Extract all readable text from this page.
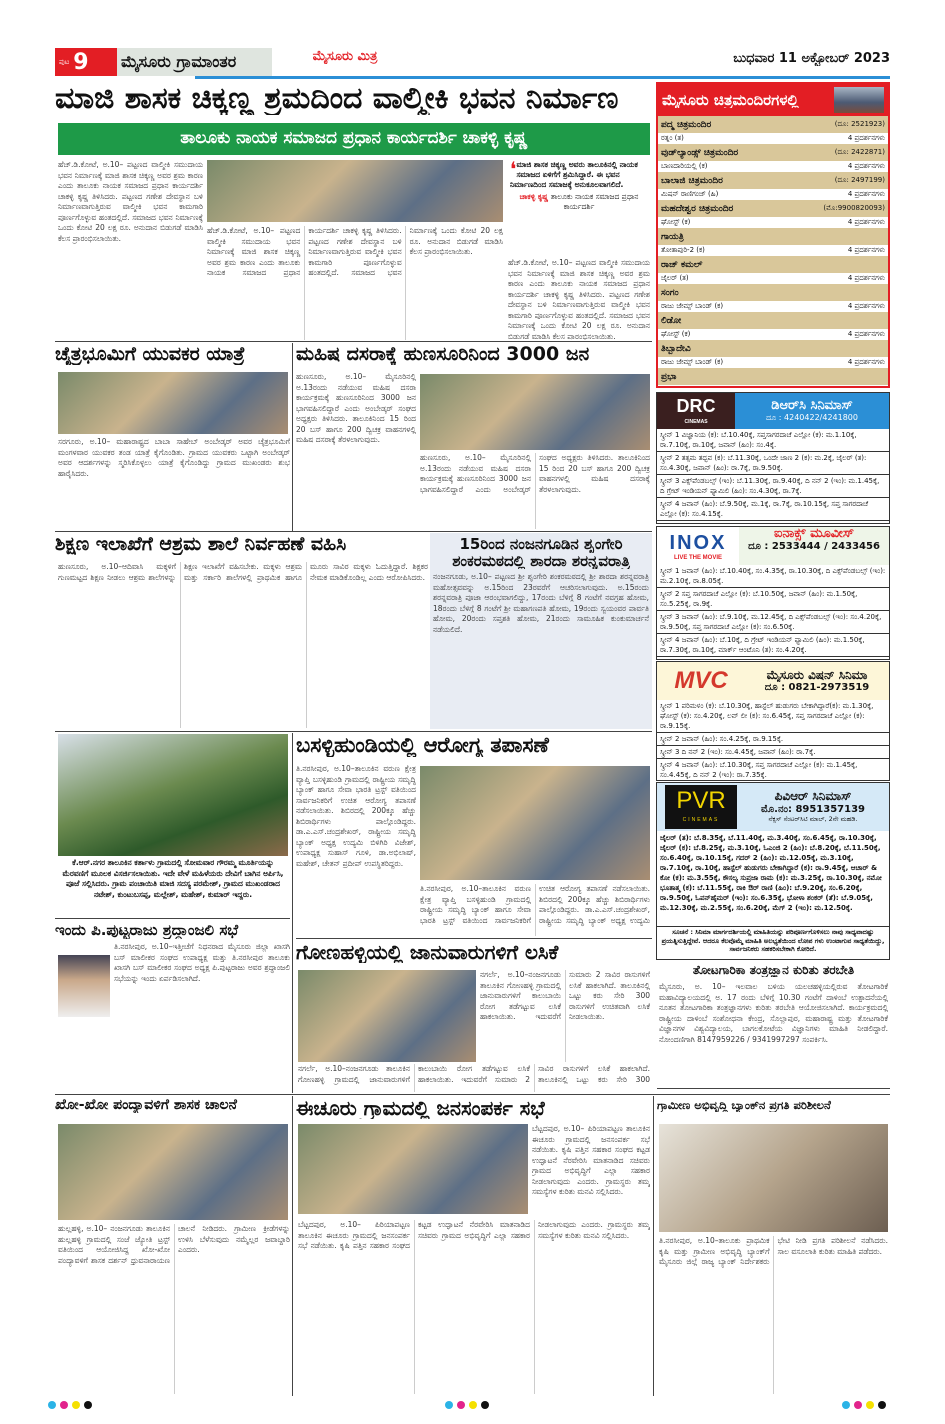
ಪುಟ 9 ಮೈಸೂರು ಗ್ರಾಮಾಂತರ	ಮೈಸೂರು ಮಿತ್ರ	ಬುಧವಾರ 11 ಅಕ್ಟೋಬರ್ 2023
ಮಾಜಿ ಶಾಸಕ ಚಿಕ್ಕಣ್ಣ ಶ್ರಮದಿಂದ ವಾಲ್ಮೀಕಿ ಭವನ ನಿರ್ಮಾಣ
ತಾಲೂಕು ನಾಯಕ ಸಮಾಜದ ಪ್ರಧಾನ ಕಾರ್ಯದರ್ಶಿ ಚಾಕಳ್ಳಿ ಕೃಷ್ಣ
ಹೆಚ್.ಡಿ.ಕೋಟೆ, ಅ.10– ಪಟ್ಟಣದ ವಾಲ್ಮೀಕಿ ಸಮುದಾಯ ಭವನ ನಿರ್ಮಾಣಕ್ಕೆ ಮಾಜಿ ಶಾಸಕ ಚಿಕ್ಕಣ್ಣ ಅವರ ಶ್ರಮ ಕಾರಣ ಎಂದು ತಾಲೂಕು ನಾಯಕ ಸಮಾಜದ ಪ್ರಧಾನ ಕಾರ್ಯದರ್ಶಿ ಚಾಕಳ್ಳಿ ಕೃಷ್ಣ ತಿಳಿಸಿದರು. ಪಟ್ಟಣದ ಗಣೇಶ ದೇವಸ್ಥಾನ ಬಳಿ ನಿರ್ಮಾಣವಾಗುತ್ತಿರುವ ವಾಲ್ಮೀಕಿ ಭವನ ಕಾಮಗಾರಿ ಪೂರ್ಣಗೊಳ್ಳುವ ಹಂತದಲ್ಲಿದೆ. ಸಮಾಜದ ಭವನ ನಿರ್ಮಾಣಕ್ಕೆ ಒಂದು ಕೋಟಿ 20 ಲಕ್ಷ ರೂ. ಅನುದಾನ ಬಿಡುಗಡೆ ಮಾಡಿಸಿ ಕೆಲಸ ಪ್ರಾರಂಭಿಸಲಾಯಿತು.
ಹೆಚ್.ಡಿ.ಕೋಟೆ, ಅ.10– ಪಟ್ಟಣದ ವಾಲ್ಮೀಕಿ ಸಮುದಾಯ ಭವನ ನಿರ್ಮಾಣಕ್ಕೆ ಮಾಜಿ ಶಾಸಕ ಚಿಕ್ಕಣ್ಣ ಅವರ ಶ್ರಮ ಕಾರಣ ಎಂದು ತಾಲೂಕು ನಾಯಕ ಸಮಾಜದ ಪ್ರಧಾನ ಕಾರ್ಯದರ್ಶಿ ಚಾಕಳ್ಳಿ ಕೃಷ್ಣ ತಿಳಿಸಿದರು. ಪಟ್ಟಣದ ಗಣೇಶ ದೇವಸ್ಥಾನ ಬಳಿ ನಿರ್ಮಾಣವಾಗುತ್ತಿರುವ ವಾಲ್ಮೀಕಿ ಭವನ ಕಾಮಗಾರಿ ಪೂರ್ಣಗೊಳ್ಳುವ ಹಂತದಲ್ಲಿದೆ. ಸಮಾಜದ ಭವನ ನಿರ್ಮಾಣಕ್ಕೆ ಒಂದು ಕೋಟಿ 20 ಲಕ್ಷ ರೂ. ಅನುದಾನ ಬಿಡುಗಡೆ ಮಾಡಿಸಿ ಕೆಲಸ ಪ್ರಾರಂಭಿಸಲಾಯಿತು.
❛ ಮಾಜಿ ಶಾಸಕ ಚಿಕ್ಕಣ್ಣ ಅವರು ತಾಲೂಕಿನಲ್ಲಿ ನಾಯಕ ಸಮಾಜದ ಏಳಿಗೆಗೆ ಶ್ರಮಿಸಿದ್ದಾರೆ. ಈ ಭವನ ನಿರ್ಮಾಣದಿಂದ ಸಮಾಜಕ್ಕೆ ಅನುಕೂಲವಾಗಲಿದೆ.
ಚಾಕಳ್ಳಿ ಕೃಷ್ಣ ತಾಲೂಕು ನಾಯಕ ಸಮಾಜದ ಪ್ರಧಾನ ಕಾರ್ಯದರ್ಶಿ
ಹೆಚ್.ಡಿ.ಕೋಟೆ, ಅ.10– ಪಟ್ಟಣದ ವಾಲ್ಮೀಕಿ ಸಮುದಾಯ ಭವನ ನಿರ್ಮಾಣಕ್ಕೆ ಮಾಜಿ ಶಾಸಕ ಚಿಕ್ಕಣ್ಣ ಅವರ ಶ್ರಮ ಕಾರಣ ಎಂದು ತಾಲೂಕು ನಾಯಕ ಸಮಾಜದ ಪ್ರಧಾನ ಕಾರ್ಯದರ್ಶಿ ಚಾಕಳ್ಳಿ ಕೃಷ್ಣ ತಿಳಿಸಿದರು. ಪಟ್ಟಣದ ಗಣೇಶ ದೇವಸ್ಥಾನ ಬಳಿ ನಿರ್ಮಾಣವಾಗುತ್ತಿರುವ ವಾಲ್ಮೀಕಿ ಭವನ ಕಾಮಗಾರಿ ಪೂರ್ಣಗೊಳ್ಳುವ ಹಂತದಲ್ಲಿದೆ. ಸಮಾಜದ ಭವನ ನಿರ್ಮಾಣಕ್ಕೆ ಒಂದು ಕೋಟಿ 20 ಲಕ್ಷ ರೂ. ಅನುದಾನ ಬಿಡುಗಡೆ ಮಾಡಿಸಿ ಕೆಲಸ ಪ್ರಾರಂಭಿಸಲಾಯಿತು.
ಚೈತ್ರಭೂಮಿಗೆ ಯುವಕರ ಯಾತ್ರೆ
ಸರಗೂರು, ಅ.10– ಮಹಾರಾಷ್ಟ್ರದ ಬಾಬಾ ಸಾಹೇಬ್ ಅಂಬೇಡ್ಕರ್ ಅವರ ಚೈತ್ರಭೂಮಿಗೆ ಮಂಗಳವಾರ ಯುವಕರ ತಂಡ ಯಾತ್ರೆ ಕೈಗೊಂಡಿತು. ಗ್ರಾಮದ ಯುವಕರು ಒಟ್ಟಾಗಿ ಅಂಬೇಡ್ಕರ್ ಅವರ ಆದರ್ಶಗಳನ್ನು ಸ್ಮರಿಸಿಕೊಳ್ಳಲು ಯಾತ್ರೆ ಕೈಗೊಂಡಿದ್ದು ಗ್ರಾಮದ ಮುಖಂಡರು ಶುಭ ಹಾರೈಸಿದರು.
ಮಹಿಷ ದಸರಾಕ್ಕೆ ಹುಣಸೂರಿನಿಂದ 3000 ಜನ
ಹುಣಸೂರು, ಅ.10– ಮೈಸೂರಿನಲ್ಲಿ ಅ.13ರಂದು ನಡೆಯುವ ಮಹಿಷ ದಸರಾ ಕಾರ್ಯಕ್ರಮಕ್ಕೆ ಹುಣಸೂರಿನಿಂದ 3000 ಜನ ಭಾಗವಹಿಸಲಿದ್ದಾರೆ ಎಂದು ಅಂಬೇಡ್ಕರ್ ಸಂಘದ ಅಧ್ಯಕ್ಷರು ತಿಳಿಸಿದರು. ತಾಲೂಕಿನಿಂದ 15 ರಿಂದ 20 ಬಸ್ ಹಾಗೂ 200 ದ್ವಿಚಕ್ರ ವಾಹನಗಳಲ್ಲಿ ಮಹಿಷ ದಸರಾಕ್ಕೆ ತೆರಳಲಾಗುವುದು.
ಹುಣಸೂರು, ಅ.10– ಮೈಸೂರಿನಲ್ಲಿ ಅ.13ರಂದು ನಡೆಯುವ ಮಹಿಷ ದಸರಾ ಕಾರ್ಯಕ್ರಮಕ್ಕೆ ಹುಣಸೂರಿನಿಂದ 3000 ಜನ ಭಾಗವಹಿಸಲಿದ್ದಾರೆ ಎಂದು ಅಂಬೇಡ್ಕರ್ ಸಂಘದ ಅಧ್ಯಕ್ಷರು ತಿಳಿಸಿದರು. ತಾಲೂಕಿನಿಂದ 15 ರಿಂದ 20 ಬಸ್ ಹಾಗೂ 200 ದ್ವಿಚಕ್ರ ವಾಹನಗಳಲ್ಲಿ ಮಹಿಷ ದಸರಾಕ್ಕೆ ತೆರಳಲಾಗುವುದು.
ಶಿಕ್ಷಣ ಇಲಾಖೆಗೆ ಆಶ್ರಮ ಶಾಲೆ ನಿರ್ವಹಣೆ ವಹಿಸಿ
ಹುಣಸೂರು, ಅ.10–ಆದಿವಾಸಿ ಮಕ್ಕಳಿಗೆ ಗುಣಮಟ್ಟದ ಶಿಕ್ಷಣ ನೀಡಲು ಆಶ್ರಮ ಶಾಲೆಗಳನ್ನು ಶಿಕ್ಷಣ ಇಲಾಖೆಗೆ ವಹಿಸಬೇಕು. ಮಕ್ಕಳು ಆಶ್ರಮ ಮತ್ತು ಸರ್ಕಾರಿ ಶಾಲೆಗಳಲ್ಲಿ ಪ್ರಾಥಮಿಕ ಹಾಗೂ ಮೂರು ಸಾವಿರ ಮಕ್ಕಳು ಓದುತ್ತಿದ್ದಾರೆ. ಶಿಕ್ಷಕರ ನೇಮಕ ಮಾಡಿಕೊಂಡಿಲ್ಲ ಎಂದು ಆರೋಪಿಸಿದರು.
15ರಿಂದ ನಂಜನಗೂಡಿನ ಶೃಂಗೇರಿ
ಶಂಕರಮಠದಲ್ಲಿ ಶಾರದಾ ಶರನ್ನವರಾತ್ರಿ
ನಂಜನಗೂಡು, ಅ.10– ಪಟ್ಟಣದ ಶ್ರೀ ಶೃಂಗೇರಿ ಶಂಕರಮಠದಲ್ಲಿ ಶ್ರೀ ಶಾರದಾ ಶರನ್ನವರಾತ್ರಿ ಮಹೋತ್ಸವವನ್ನು ಅ.15ರಿಂದ 23ರವರೆಗೆ ಆಚರಿಸಲಾಗುವುದು. ಅ.15ರಂದು ಶರನ್ನವರಾತ್ರಿ ಪೂಜಾ ಆರಂಭವಾಗಲಿದ್ದು, 17ರಂದು ಬೆಳಿಗ್ಗೆ 8 ಗಂಟೆಗೆ ನವಗ್ರಹ ಹೋಮ, 18ರಂದು ಬೆಳಿಗ್ಗೆ 8 ಗಂಟೆಗೆ ಶ್ರೀ ಮಹಾಗಣಪತಿ ಹೋಮ, 19ರಂದು ಸ್ವಯಂವರ ಪಾರ್ವತಿ ಹೋಮ, 20ರಂದು ಸಪ್ತಶತಿ ಹೋಮ, 21ರಂದು ಸಾಮೂಹಿಕ ಕುಂಕುಮಾರ್ಚನೆ ನಡೆಯಲಿದೆ.
ಕೆ.ಆರ್.ನಗರ ತಾಲೂಕಿನ ಕರ್ತಾಳು ಗ್ರಾಮದಲ್ಲಿ ಸೋಮವಾರ ಗೌರಮ್ಮ ಮೂರ್ತಿಯನ್ನು ಮೆರವಣಿಗೆ ಮೂಲಕ ವಿಸರ್ಜಿಸಲಾಯಿತು. ಇದೇ ವೇಳೆ ಮಹಿಳೆಯರು ದೇವಿಗೆ ಬಾಗಿನ ಅರ್ಪಿಸಿ, ಪೂಜೆ ಸಲ್ಲಿಸಿದರು. ಗ್ರಾಮ ಪಂಚಾಯಿತಿ ಮಾಜಿ ಸದಸ್ಯ ಪರಮೇಶ್, ಗ್ರಾಮದ ಮುಖಂಡರಾದ ನಟೇಶ್, ಕುಂಟುಬಸಪ್ಪ, ಮಲ್ಲೇಶ್, ಮಹೇಶ್, ಕುಮಾರ್ ಇದ್ದರು.
ಬಸಳ್ಳಿಹುಂಡಿಯಲ್ಲಿ ಆರೋಗ್ಯ ತಪಾಸಣೆ
ತಿ.ನರಸೀಪುರ, ಅ.10–ತಾಲೂಕಿನ ವರುಣ ಕ್ಷೇತ್ರ ವ್ಯಾಪ್ತಿ ಬಸಳ್ಳಿಹುಂಡಿ ಗ್ರಾಮದಲ್ಲಿ ರಾಷ್ಟ್ರೀಯ ಸಮೃದ್ಧಿ ಬ್ಯಾಂಕ್ ಹಾಗೂ ಸೇವಾ ಭಾರತಿ ಟ್ರಸ್ಟ್ ವತಿಯಿಂದ ಸಾರ್ವಜನಿಕರಿಗೆ ಉಚಿತ ಆರೋಗ್ಯ ತಪಾಸಣೆ ನಡೆಸಲಾಯಿತು. ಶಿಬಿರದಲ್ಲಿ 200ಕ್ಕೂ ಹೆಚ್ಚು ಶಿಬಿರಾರ್ಥಿಗಳು ಪಾಲ್ಗೊಂಡಿದ್ದರು. ಡಾ.ಎ.ಎಸ್.ಚಂದ್ರಶೇಖರ್, ರಾಷ್ಟ್ರೀಯ ಸಮೃದ್ಧಿ ಬ್ಯಾಂಕ್ ಅಧ್ಯಕ್ಷ ಉದ್ಯಮಿ ಬಿಳಿಗಿರಿ ವಿಜೇಶ್, ಉಪಾಧ್ಯಕ್ಷ ಸುಹಾಸ್ ಗೂಳಿ, ಡಾ.ಅಭಿಲಾಷ್, ಮಹೇಶ್, ಚೇತನ್ ಪ್ರದೀಪ್ ಉಪಸ್ಥಿತರಿದ್ದರು.
ತಿ.ನರಸೀಪುರ, ಅ.10–ತಾಲೂಕಿನ ವರುಣ ಕ್ಷೇತ್ರ ವ್ಯಾಪ್ತಿ ಬಸಳ್ಳಿಹುಂಡಿ ಗ್ರಾಮದಲ್ಲಿ ರಾಷ್ಟ್ರೀಯ ಸಮೃದ್ಧಿ ಬ್ಯಾಂಕ್ ಹಾಗೂ ಸೇವಾ ಭಾರತಿ ಟ್ರಸ್ಟ್ ವತಿಯಿಂದ ಸಾರ್ವಜನಿಕರಿಗೆ ಉಚಿತ ಆರೋಗ್ಯ ತಪಾಸಣೆ ನಡೆಸಲಾಯಿತು. ಶಿಬಿರದಲ್ಲಿ 200ಕ್ಕೂ ಹೆಚ್ಚು ಶಿಬಿರಾರ್ಥಿಗಳು ಪಾಲ್ಗೊಂಡಿದ್ದರು. ಡಾ.ಎ.ಎಸ್.ಚಂದ್ರಶೇಖರ್, ರಾಷ್ಟ್ರೀಯ ಸಮೃದ್ಧಿ ಬ್ಯಾಂಕ್ ಅಧ್ಯಕ್ಷ ಉದ್ಯಮಿ
ಇಂದು ಪಿ.ಪುಟ್ಟರಾಜು ಶ್ರದ್ಧಾಂಜಲಿ ಸಭೆ
ತಿ.ನರಸೀಪುರ, ಅ.10–ಇತ್ತೀಚೆಗೆ ನಿಧನರಾದ ಮೈಸೂರು ಜಿಲ್ಲಾ ಖಾಸಗಿ ಬಸ್ ಮಾಲೀಕರ ಸಂಘದ ಉಪಾಧ್ಯಕ್ಷ ಮತ್ತು ತಿ.ನರಸೀಪುರ ತಾಲೂಕು ಖಾಸಗಿ ಬಸ್ ಮಾಲೀಕರ ಸಂಘದ ಅಧ್ಯಕ್ಷ ಪಿ.ಪುಟ್ಟರಾಜು ಅವರ ಶ್ರದ್ಧಾಂಜಲಿ ಸಭೆಯನ್ನು ಇಂದು ಏರ್ಪಡಿಸಲಾಗಿದೆ.
ಗೋಣಹಳ್ಳಿಯಲ್ಲಿ ಜಾನುವಾರುಗಳಿಗೆ ಲಸಿಕೆ
ನಗರ್ಲೆ, ಅ.10–ನಂಜನಗೂಡು ತಾಲೂಕಿನ ಗೋಣಹಳ್ಳಿ ಗ್ರಾಮದಲ್ಲಿ ಜಾನುವಾರುಗಳಿಗೆ ಕಾಲುಬಾಯಿ ರೋಗ ತಡೆಗಟ್ಟುವ ಲಸಿಕೆ ಹಾಕಲಾಯಿತು. ಇದುವರೆಗೆ ಸುಮಾರು 2 ಸಾವಿರ ರಾಸುಗಳಿಗೆ ಲಸಿಕೆ ಹಾಕಲಾಗಿದೆ. ತಾಲೂಕಿನಲ್ಲಿ ಒಟ್ಟು ಕರು ಸೇರಿ 300
ನಗರ್ಲೆ, ಅ.10–ನಂಜನಗೂಡು ತಾಲೂಕಿನ ಗೋಣಹಳ್ಳಿ ಗ್ರಾಮದಲ್ಲಿ ಜಾನುವಾರುಗಳಿಗೆ ಕಾಲುಬಾಯಿ ರೋಗ ತಡೆಗಟ್ಟುವ ಲಸಿಕೆ ಹಾಕಲಾಯಿತು. ಇದುವರೆಗೆ ಸುಮಾರು 2 ಸಾವಿರ ರಾಸುಗಳಿಗೆ ಲಸಿಕೆ ಹಾಕಲಾಗಿದೆ. ತಾಲೂಕಿನಲ್ಲಿ ಒಟ್ಟು ಕರು ಸೇರಿ 300 ರಾಸುಗಳಿಗೆ ಉಚಿತವಾಗಿ ಲಸಿಕೆ ನೀಡಲಾಯಿತು.
ಖೋ-ಖೋ ಪಂದ್ಯಾವಳಿಗೆ ಶಾಸಕ ಚಾಲನೆ
ಹುಲ್ಲಹಳ್ಳಿ, ಅ.10– ನಂಜನಗೂಡು ತಾಲೂಕಿನ ಹುಲ್ಲಹಳ್ಳಿ ಗ್ರಾಮದಲ್ಲಿ ಸಂಜೆ ಜ್ಯೋತಿ ಟ್ರಸ್ಟ್ ವತಿಯಿಂದ ಆಯೋಜಿಸಿದ್ದ ಖೋ-ಖೋ ಪಂದ್ಯಾವಳಿಗೆ ಶಾಸಕ ದರ್ಶನ್ ಧ್ರುವನಾರಾಯಣ ಚಾಲನೆ ನೀಡಿದರು. ಗ್ರಾಮೀಣ ಕ್ರೀಡೆಗಳನ್ನು ಉಳಿಸಿ ಬೆಳೆಸುವುದು ನಮ್ಮೆಲ್ಲರ ಜವಾಬ್ದಾರಿ ಎಂದರು.
ಈಚೂರು ಗ್ರಾಮದಲ್ಲಿ ಜನಸಂಪರ್ಕ ಸಭೆ
ಬೆಟ್ಟದಪುರ, ಅ.10– ಪಿರಿಯಾಪಟ್ಟಣ ತಾಲೂಕಿನ ಈಚೂರು ಗ್ರಾಮದಲ್ಲಿ ಜನಸಂಪರ್ಕ ಸಭೆ ನಡೆಯಿತು. ಕೃಷಿ ಪತ್ತಿನ ಸಹಕಾರ ಸಂಘದ ಕಟ್ಟಡ ಉದ್ಘಾಟನೆ ನೆರವೇರಿಸಿ ಮಾತನಾಡಿದ ಸಚಿವರು ಗ್ರಾಮದ ಅಭಿವೃದ್ಧಿಗೆ ಎಲ್ಲಾ ಸಹಕಾರ ನೀಡಲಾಗುವುದು ಎಂದರು. ಗ್ರಾಮಸ್ಥರು ತಮ್ಮ ಸಮಸ್ಯೆಗಳ ಕುರಿತು ಮನವಿ ಸಲ್ಲಿಸಿದರು.
ಬೆಟ್ಟದಪುರ, ಅ.10– ಪಿರಿಯಾಪಟ್ಟಣ ತಾಲೂಕಿನ ಈಚೂರು ಗ್ರಾಮದಲ್ಲಿ ಜನಸಂಪರ್ಕ ಸಭೆ ನಡೆಯಿತು. ಕೃಷಿ ಪತ್ತಿನ ಸಹಕಾರ ಸಂಘದ ಕಟ್ಟಡ ಉದ್ಘಾಟನೆ ನೆರವೇರಿಸಿ ಮಾತನಾಡಿದ ಸಚಿವರು ಗ್ರಾಮದ ಅಭಿವೃದ್ಧಿಗೆ ಎಲ್ಲಾ ಸಹಕಾರ ನೀಡಲಾಗುವುದು ಎಂದರು. ಗ್ರಾಮಸ್ಥರು ತಮ್ಮ ಸಮಸ್ಯೆಗಳ ಕುರಿತು ಮನವಿ ಸಲ್ಲಿಸಿದರು.
ಗ್ರಾಮೀಣ ಅಭಿವೃದ್ಧಿ ಬ್ಯಾಂಕ್‌ನ ಪ್ರಗತಿ ಪರಿಶೀಲನೆ
ತಿ.ನರಸೀಪುರ, ಅ.10–ತಾಲೂಕು ಪ್ರಾಥಮಿಕ ಕೃಷಿ ಮತ್ತು ಗ್ರಾಮೀಣ ಅಭಿವೃದ್ಧಿ ಬ್ಯಾಂಕ್‌ಗೆ ಮೈಸೂರು ಜಿಲ್ಲೆ ರಾಜ್ಯ ಬ್ಯಾಂಕ್ ನಿರ್ದೇಶಕರು ಭೇಟಿ ನೀಡಿ ಪ್ರಗತಿ ಪರಿಶೀಲನೆ ನಡೆಸಿದರು. ಸಾಲ ವಸೂಲಾತಿ ಕುರಿತು ಮಾಹಿತಿ ಪಡೆದರು.
ಮೈಸೂರು ಚಿತ್ರಮಂದಿರಗಳಲ್ಲಿ
ಪದ್ಮ ಚಿತ್ರಮಂದಿರ	(ದೂ: 2521923)
ರತ್ನಂ (ತ)	4 ಪ್ರದರ್ಶನಗಳು
ವುಡ್‌ಲ್ಯಾಂಡ್ಸ್ ಚಿತ್ರಮಂದಿರ	(ದೂ: 2422871)
ಬಾಣದಾರಿಯಲ್ಲಿ (ಕ)	4 ಪ್ರದರ್ಶನಗಳು
ಬಾಲಾಜಿ ಚಿತ್ರಮಂದಿರ	(ದೂ: 2497199)
ಮಿಷನ್ ರಾಣಿಗಂಜ್ (ಹಿ)	4 ಪ್ರದರ್ಶನಗಳು
ಮಹದೇಶ್ವರ ಚಿತ್ರಮಂದಿರ	(ಮೊ:9900820093)
ಘೋಸ್ಟ್ (ಕ)	4 ಪ್ರದರ್ಶನಗಳು
ಗಾಯತ್ರಿ
ತೋತಾಪುರಿ-2 (ಕ)	4 ಪ್ರದರ್ಶನಗಳು
ರಾಜ್ ಕಮಲ್
ಜೈಲರ್ (ತ)	4 ಪ್ರದರ್ಶನಗಳು
ಸಂಗಂ
ರಾಜು ಜೇಮ್ಸ್ ಬಾಂಡ್ (ಕ)	4 ಪ್ರದರ್ಶನಗಳು
ಲಿಡೋ
ಘೋಸ್ಟ್ (ಕ)	4 ಪ್ರದರ್ಶನಗಳು
ತಿಬ್ಬಾದೇವಿ
ರಾಜು ಜೇಮ್ಸ್ ಬಾಂಡ್ (ಕ)	4 ಪ್ರದರ್ಶನಗಳು
ಪ್ರಭಾ
DRC
CINEMAS
ಡಿಆರ್‌ಸಿ ಸಿನಿಮಾಸ್
ದೂ : 4240422/4241800
ಸ್ಕ್ರೀನ್ 1 ವಿಜ್ಞಾನಿಯ (ಕ): ಬೆ.10.40ಕ್ಕೆ, ಸಪ್ತಸಾಗರದಾಚೆ ಎಲ್ಲೋ (ಕ): ಮ.1.10ಕ್ಕೆ, ರಾ.7.10ಕ್ಕೆ, ರಾ.10ಕ್ಕೆ, ಜವಾನ್ (ಹಿಂ): ಸಂ.4ಕ್ಕೆ.
ಸ್ಕ್ರೀನ್ 2 ತತ್ಸಮ ತದ್ಭವ (ಕ): ಬೆ.11.30ಕ್ಕೆ, ಒಂದೇ ಜಾಣ 2 (ಕ): ಮ.2ಕ್ಕೆ, ಜೈಲರ್ (ತ): ಸಂ.4.30ಕ್ಕೆ, ಜವಾನ್ (ಹಿಂ): ರಾ.7ಕ್ಕೆ, ರಾ.9.50ಕ್ಕೆ.
ಸ್ಕ್ರೀನ್ 3 ಎಕ್ಸ್‌ಪೆಂಡಬಲ್ಸ್ (ಇಂ): ಬೆ.11.30ಕ್ಕೆ, ರಾ.9.40ಕ್ಕೆ, ದಿ ನನ್ 2 (ಇಂ): ಮ.1.45ಕ್ಕೆ, ದಿ ಗ್ರೇಟ್ ಇಂಡಿಯನ್ ಫ್ಯಾಮಿಲಿ (ಹಿಂ): ಸಂ.4.30ಕ್ಕೆ, ರಾ.7ಕ್ಕೆ.
ಸ್ಕ್ರೀನ್ 4 ಜವಾನ್ (ಹಿಂ): ಬೆ.9.50ಕ್ಕೆ, ಮ.1ಕ್ಕೆ, ರಾ.7ಕ್ಕೆ, ರಾ.10.15ಕ್ಕೆ, ಸಪ್ತ ಸಾಗರದಾಚೆ ಎಲ್ಲೋ (ಕ): ಸಂ.4.15ಕ್ಕೆ.
INOX
LIVE THE MOVIE
ಐನಾಕ್ಸ್ ಮೂವೀಸ್
ದೂ : 2533444 / 2433456
ಸ್ಕ್ರೀನ್ 1 ಜವಾನ್ (ಹಿಂ): ಬೆ.10.40ಕ್ಕೆ, ಸಂ.4.35ಕ್ಕೆ, ರಾ.10.30ಕ್ಕೆ, ದಿ ಎಕ್ಸ್‌ಪೆಂಡಬಲ್ಸ್ (ಇಂ): ಮ.2.10ಕ್ಕೆ, ರಾ.8.05ಕ್ಕೆ.
ಸ್ಕ್ರೀನ್ 2 ಸಪ್ತ ಸಾಗರದಾಚೆ ಎಲ್ಲೋ (ಕ): ಬೆ.10.50ಕ್ಕೆ, ಜವಾನ್ (ಹಿಂ): ಮ.1.50ಕ್ಕೆ, ಸಂ.5.25ಕ್ಕೆ, ರಾ.9ಕ್ಕೆ.
ಸ್ಕ್ರೀನ್ 3 ಜವಾನ್ (ಹಿಂ): ಬೆ.9.10ಕ್ಕೆ, ಮ.12.45ಕ್ಕೆ, ದಿ ಎಕ್ಸ್‌ಪೆಂಡಬಲ್ಸ್ (ಇಂ): ಸಂ.4.20ಕ್ಕೆ, ರಾ.9.50ಕ್ಕೆ, ಸಪ್ತ ಸಾಗರದಾಚೆ ಎಲ್ಲೋ (ಕ): ಸಂ.6.50ಕ್ಕೆ.
ಸ್ಕ್ರೀನ್ 4 ಜವಾನ್ (ಹಿಂ): ಬೆ.10ಕ್ಕೆ, ದಿ ಗ್ರೇಟ್ ಇಂಡಿಯನ್ ಫ್ಯಾಮಿಲಿ (ಹಿಂ): ಮ.1.50ಕ್ಕೆ, ರಾ.7.30ಕ್ಕೆ, ರಾ.10ಕ್ಕೆ, ಮಾರ್ಕ್ ಆಂಟೊನಿ (ತ): ಸಂ.4.20ಕ್ಕೆ.
MVC	ಮೈಸೂರು ವಿಷನ್ ಸಿನಿಮಾ
ದೂ : 0821-2973519
ಸ್ಕ್ರೀನ್ 1 ಪರಿಮಳಂ (ಕ): ಬೆ.10.30ಕ್ಕೆ, ಹಾಸ್ಟೆಲ್ ಹುಡುಗರು ಬೇಕಾಗಿದ್ದಾರೆ(ಕ): ಮ.1.30ಕ್ಕೆ, ಘೋಸ್ಟ್ (ಕ): ಸಂ.4.20ಕ್ಕೆ, ಲವ್ ಲೀ (ಕ): ಸಂ.6.45ಕ್ಕೆ, ಸಪ್ತ ಸಾಗರದಾಚೆ ಎಲ್ಲೋ (ಕ): ರಾ.9.15ಕ್ಕೆ.
ಸ್ಕ್ರೀನ್ 2 ಜವಾನ್ (ಹಿಂ): ಸಂ.4.25ಕ್ಕೆ, ರಾ.9.15ಕ್ಕೆ.
ಸ್ಕ್ರೀನ್ 3 ದಿ ನನ್ 2 (ಇಂ): ಸಂ.4.45ಕ್ಕೆ, ಜವಾನ್ (ಹಿಂ): ರಾ.7ಕ್ಕೆ.
ಸ್ಕ್ರೀನ್ 4 ಜವಾನ್ (ಹಿಂ): ಬೆ.10.30ಕ್ಕೆ, ಸಪ್ತ ಸಾಗರದಾಚೆ ಎಲ್ಲೋ (ಕ): ಮ.1.45ಕ್ಕೆ, ಸಂ.4.45ಕ್ಕೆ, ದಿ ನನ್ 2 (ಇಂ): ರಾ.7.35ಕ್ಕೆ.
PVR
CINEMAS
ಪಿವಿಆರ್ ಸಿನಿಮಾಸ್
ಮೊ.ನಂ: 8951357139
ನೆಕ್ಸಸ್ ಸೆಂಟರ್‌ಸಿಟಿ ಮಾಲ್, 2ನೇ ಮಹಡಿ.
ಜೈಲರ್ (ತ): ಬೆ.8.35ಕ್ಕೆ, ಬೆ.11.40ಕ್ಕೆ, ಮ.3.40ಕ್ಕೆ, ಸಂ.6.45ಕ್ಕೆ, ರಾ.10.30ಕ್ಕೆ, ಜೈಲರ್ (ಕ): ಬೆ.8.25ಕ್ಕೆ, ಮ.3.10ಕ್ಕೆ, ಓಎಂಜಿ 2 (ಹಿಂ): ಬೆ.8.20ಕ್ಕೆ, ಬೆ.11.50ಕ್ಕೆ, ಸಂ.6.40ಕ್ಕೆ, ರಾ.10.15ಕ್ಕೆ, ಗದರ್ 2 (ಹಿಂ): ಮ.12.05ಕ್ಕೆ, ಮ.3.10ಕ್ಕೆ, ರಾ.7.10ಕ್ಕೆ, ರಾ.10ಕ್ಕೆ, ಹಾಸ್ಟೆಲ್ ಹುಡುಗರು ಬೇಕಾಗಿದ್ದಾರೆ (ಕ): ರಾ.9.45ಕ್ಕೆ, ಆಚಾರ್ & ಕೋ (ಕ): ಮ.3.55ಕ್ಕೆ, ಕೌಸಲ್ಯ ಸುಪ್ರಜಾ ರಾಮ (ಕ): ಮ.3.25ಕ್ಕೆ, ರಾ.10.30ಕ್ಕೆ, ನಮೋ ಭೂತಾತ್ಮ (ಕ): ಬೆ.11.55ಕ್ಕೆ, ರಾಕಿ ಔರ್ ರಾಣಿ (ಹಿಂ): ಬೆ.9.20ಕ್ಕೆ, ಸಂ.6.20ಕ್ಕೆ, ರಾ.9.50ಕ್ಕೆ, ಓಪನ್‌ಹೈಮರ್ (ಇಂ): ಸಂ.6.35ಕ್ಕೆ, ಭೋಳಾ ಶಂಕರ್ (ತೆ): ಬೆ.9.05ಕ್ಕೆ, ಮ.12.30ಕ್ಕೆ, ಮ.2.55ಕ್ಕೆ, ಸಂ.6.20ಕ್ಕೆ, ಮೆಗ್ 2 (ಇಂ): ಮ.12.50ಕ್ಕೆ.
ಸೂಚನೆ : ಸಿನಿಮಾ ಮಾರ್ಗದರ್ಶಿಯಲ್ಲಿ ಮಾಹಿತಿಯನ್ನು ಪರಿಪೂರ್ಣಗೊಳಿಸಲು ನಾವು ಸಾಧ್ಯವಾದಷ್ಟು ಪ್ರಯತ್ನಿಸುತ್ತಿದ್ದೇವೆ. ಆದರೂ ಕೆಲವೊಮ್ಮೆ ಮಾಹಿತಿ ಅಲಭ್ಯತೆಯಿಂದ ಲೋಪ ಗಳು ಉಂಟಾಗುವ ಸಾಧ್ಯತೆಯಿದ್ದು, ಸಾರ್ವಜನಿಕರು ಸಹಕರಿಸಬೇಕಾಗಿ ಕೋರಿದೆ.
ತೋಟಗಾರಿಕಾ ತಂತ್ರಜ್ಞಾನ ಕುರಿತು ತರಬೇತಿ
ಮೈಸೂರು, ಅ. 10– ಇಲವಾಲ ಬಳಿಯ ಯಲಚಹಳ್ಳಿಯಲ್ಲಿರುವ ತೋಟಗಾರಿಕೆ ಮಹಾವಿದ್ಯಾಲಯದಲ್ಲಿ ಅ. 17 ರಂದು ಬೆಳಿಗ್ಗೆ 10.30 ಗಂಟೆಗೆ ದಾಳಿಂಬೆ ಉತ್ಪಾದನೆಯಲ್ಲಿ ನೂತನ ತೋಟಗಾರಿಕಾ ತಂತ್ರಜ್ಞಾನಗಳು ಕುರಿತು ತರಬೇತಿ ಆಯೋಜಿಸಲಾಗಿದೆ. ಕಾರ್ಯಕ್ರಮದಲ್ಲಿ ರಾಷ್ಟ್ರೀಯ ದಾಳಿಂಬೆ ಸಂಶೋಧನಾ ಕೇಂದ್ರ, ಸೊಲ್ಲಾಪುರ, ಮಹಾರಾಷ್ಟ್ರ ಮತ್ತು ತೋಟಗಾರಿಕೆ ವಿಜ್ಞಾನಗಳ ವಿಶ್ವವಿದ್ಯಾಲಯ, ಬಾಗಲಕೋಟೆಯ ವಿಜ್ಞಾನಿಗಳು ಮಾಹಿತಿ ನೀಡಲಿದ್ದಾರೆ. ನೋಂದಣಿಗಾಗಿ 8147959226 / 9341997297 ಸಂಪರ್ಕಿಸಿ.
